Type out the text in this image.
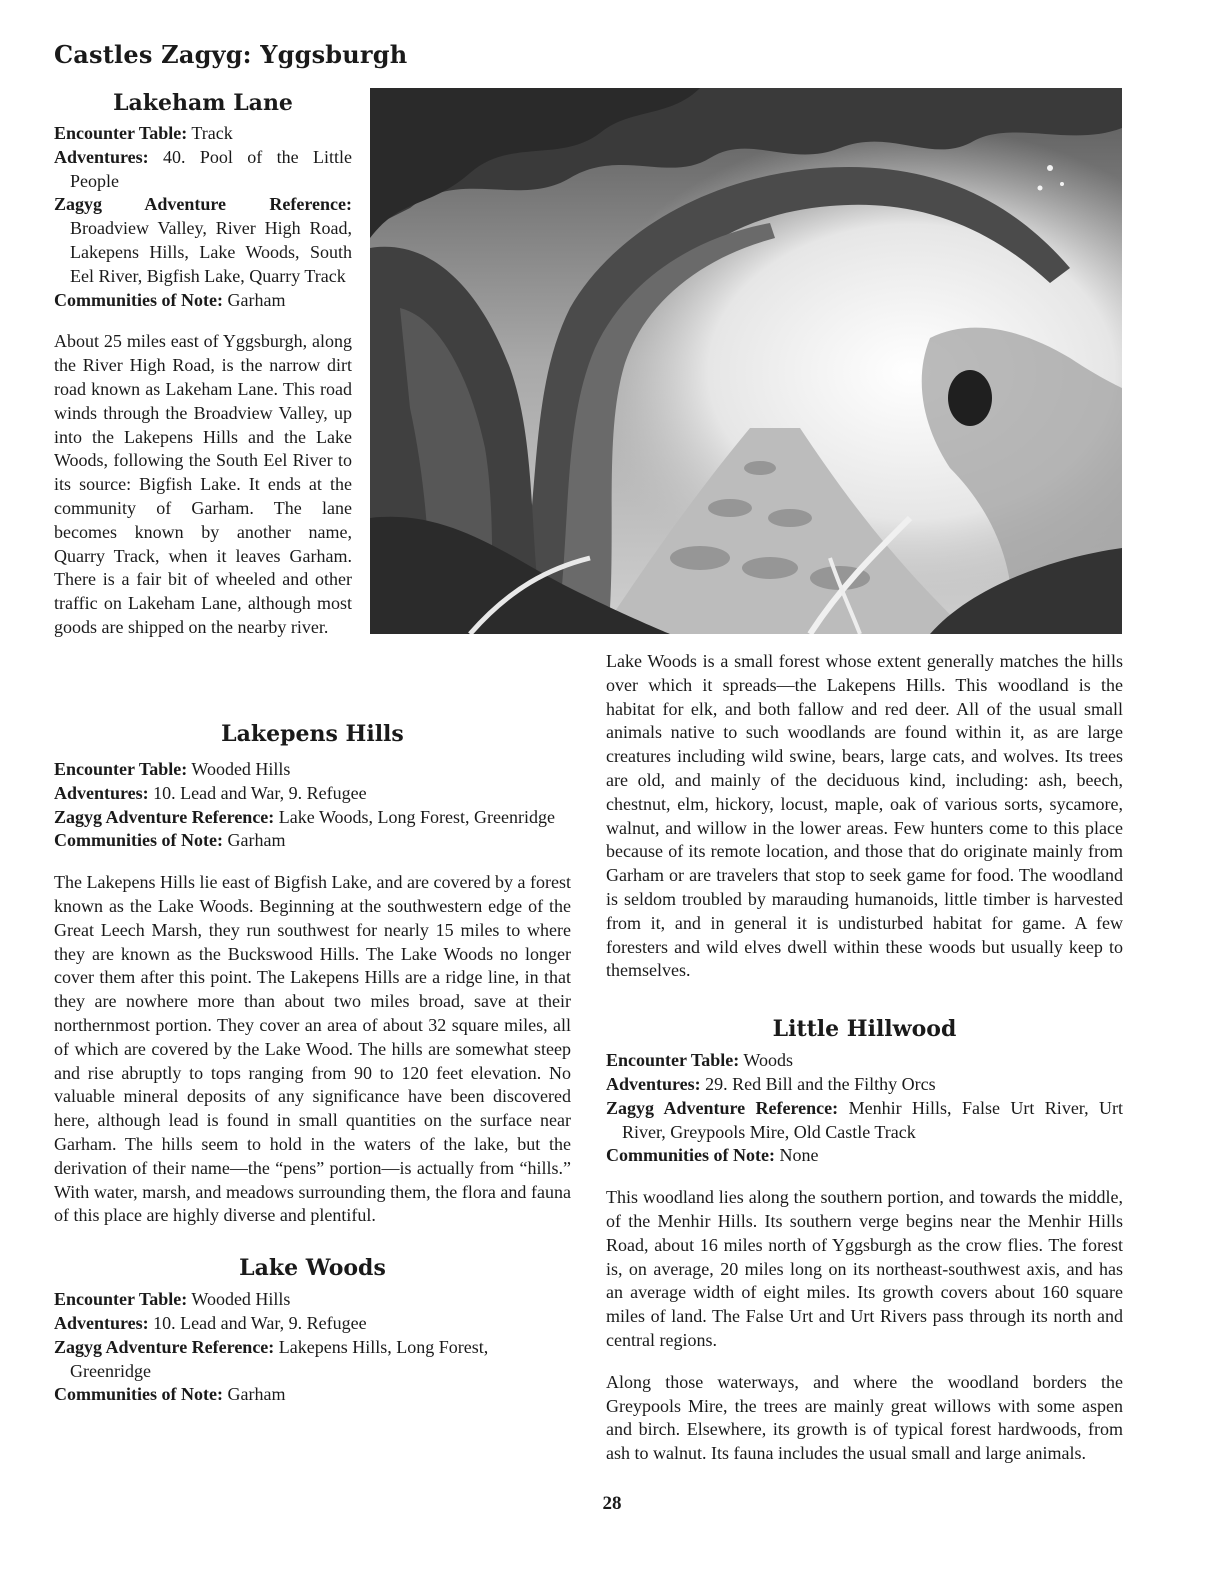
Castles Zagyg: Yggsburgh
Lakeham Lane

Encounter Table: Track

Adventures: 40. Pool of the Little People

Zagyg Adventure Reference: Broadview Valley, River High Road, Lakepens Hills, Lake Woods, South Eel River, Bigfish Lake, Quarry Track

Communities of Note: Garham

About 25 miles east of Yggsburgh, along the River High Road, is the narrow dirt road known as Lakeham Lane. This road winds through the Broadview Valley, up into the Lakepens Hills and the Lake Woods, following the South Eel River to its source: Bigfish Lake. It ends at the community of Garham. The lane becomes known by another name, Quarry Track, when it leaves Garham. There is a fair bit of wheeled and other traffic on Lakeham Lane, although most goods are shipped on the nearby river.

Lakepens Hills

Encounter Table: Wooded Hills

Adventures: 10. Lead and War, 9. Refugee

Zagyg Adventure Reference: Lake Woods, Long Forest, Greenridge

Communities of Note: Garham

The Lakepens Hills lie east of Bigfish Lake, and are covered by a forest known as the Lake Woods. Beginning at the southwestern edge of the Great Leech Marsh, they run southwest for nearly 15 miles to where they are known as the Buckswood Hills. The Lake Woods no longer cover them after this point. The Lakepens Hills are a ridge line, in that they are nowhere more than about two miles broad, save at their northernmost portion. They cover an area of about 32 square miles, all of which are covered by the Lake Wood. The hills are somewhat steep and rise abruptly to tops ranging from 90 to 120 feet elevation. No valuable mineral deposits of any significance have been discovered here, although lead is found in small quantities on the surface near Garham. The hills seem to hold in the waters of the lake, but the derivation of their name—the “pens” portion—is actually from “hills.” With water, marsh, and meadows surrounding them, the flora and fauna of this place are highly diverse and plentiful.

Lake Woods

Encounter Table: Wooded Hills

Adventures: 10. Lead and War, 9. Refugee

Zagyg Adventure Reference: Lakepens Hills, Long Forest, Greenridge

Communities of Note: Garham

Lake Woods is a small forest whose extent generally matches the hills over which it spreads—the Lakepens Hills. This woodland is the habitat for elk, and both fallow and red deer. All of the usual small animals native to such woodlands are found within it, as are large creatures including wild swine, bears, large cats, and wolves. Its trees are old, and mainly of the deciduous kind, including: ash, beech, chestnut, elm, hickory, locust, maple, oak of various sorts, sycamore, walnut, and willow in the lower areas. Few hunters come to this place because of its remote location, and those that do originate mainly from Garham or are travelers that stop to seek game for food. The woodland is seldom troubled by marauding humanoids, little timber is harvested from it, and in general it is undisturbed habitat for game. A few foresters and wild elves dwell within these woods but usually keep to themselves.

Little Hillwood

Encounter Table: Woods

Adventures: 29. Red Bill and the Filthy Orcs

Zagyg Adventure Reference: Menhir Hills, False Urt River, Urt River, Greypools Mire, Old Castle Track

Communities of Note: None

This woodland lies along the southern portion, and towards the middle, of the Menhir Hills. Its southern verge begins near the Menhir Hills Road, about 16 miles north of Yggsburgh as the crow flies. The forest is, on average, 20 miles long on its northeast-southwest axis, and has an average width of eight miles. Its growth covers about 160 square miles of land. The False Urt and Urt Rivers pass through its north and central regions.

Along those waterways, and where the woodland borders the Greypools Mire, the trees are mainly great willows with some aspen and birch. Elsewhere, its growth is of typical forest hardwoods, from ash to walnut. Its fauna includes the usual small and large animals.

28
